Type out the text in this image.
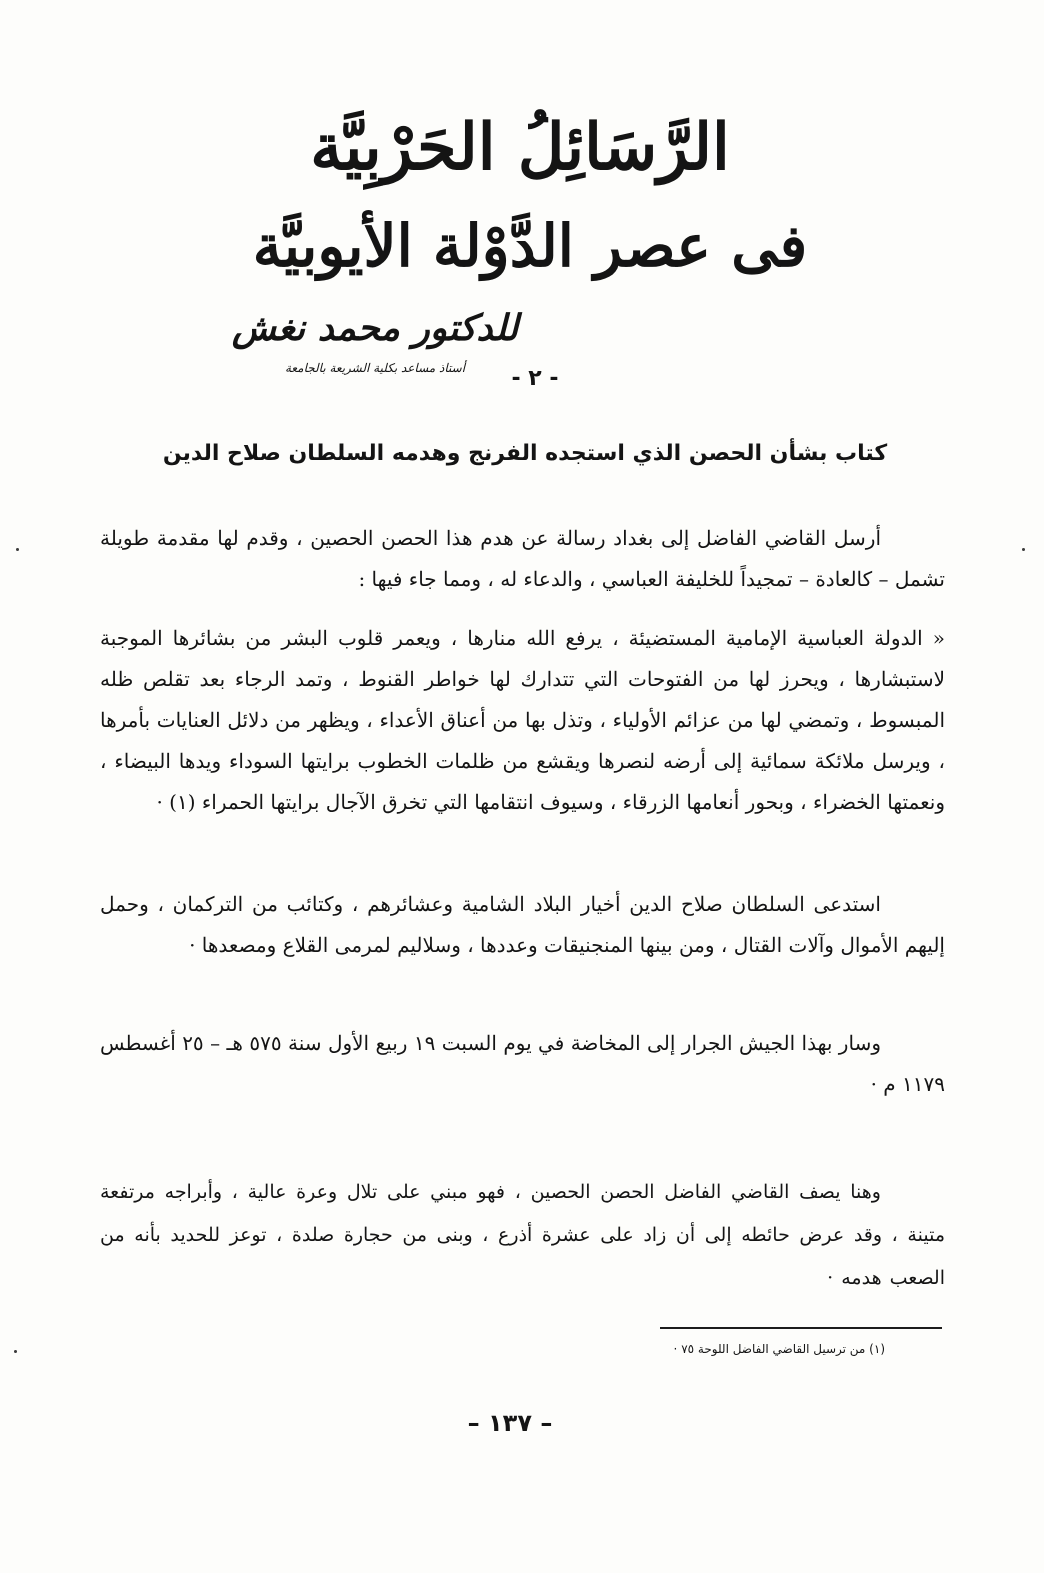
الرَّسَائِلُ الحَرْبِيَّة
فى عصر الدَّوْلة الأيوبيَّة
للدكتور محمد نغش
أستاذ مساعد بكلية الشريعة بالجامعة	- ٢ -
كتاب بشأن الحصن الذي استجده الفرنج وهدمه السلطان صلاح الدين

أرسل القاضي الفاضل إلى بغداد رسالة عن هدم هذا الحصن الحصين ، وقدم لها مقدمة طويلة تشمل – كالعادة – تمجيداً للخليفة العباسي ، والدعاء له ، ومما جاء فيها :

« الدولة العباسية الإمامية المستضيئة ، يرفع الله منارها ، ويعمر قلوب البشر من بشائرها الموجبة لاستبشارها ، ويحرز لها من الفتوحات التي تتدارك لها خواطر القنوط ، وتمد الرجاء بعد تقلص ظله المبسوط ، وتمضي لها من عزائم الأولياء ، وتذل بها من أعناق الأعداء ، ويظهر من دلائل العنايات بأمرها ، ويرسل ملائكة سمائية إلى أرضه لنصرها ويقشع من ظلمات الخطوب برايتها السوداء ويدها البيضاء ، ونعمتها الخضراء ، وبحور أنعامها الزرقاء ، وسيوف انتقامها التي تخرق الآجال برايتها الحمراء (١) ·

استدعى السلطان صلاح الدين أخيار البلاد الشامية وعشائرهم ، وكتائب من التركمان ، وحمل إليهم الأموال وآلات القتال ، ومن بينها المنجنيقات وعددها ، وسلاليم لمرمى القلاع ومصعدها ·

وسار بهذا الجيش الجرار إلى المخاضة في يوم السبت ١٩ ربيع الأول سنة ٥٧٥ هـ – ٢٥ أغسطس ١١٧٩ م ·

وهنا يصف القاضي الفاضل الحصن الحصين ، فهو مبني على تلال وعرة عالية ، وأبراجه مرتفعة متينة ، وقد عرض حائطه إلى أن زاد على عشرة أذرع ، وبنى من حجارة صلدة ، توعز للحديد بأنه من الصعب هدمه ·

(١) من ترسيل القاضي الفاضل اللوحة ٧٥ ·
– ١٣٧ –
